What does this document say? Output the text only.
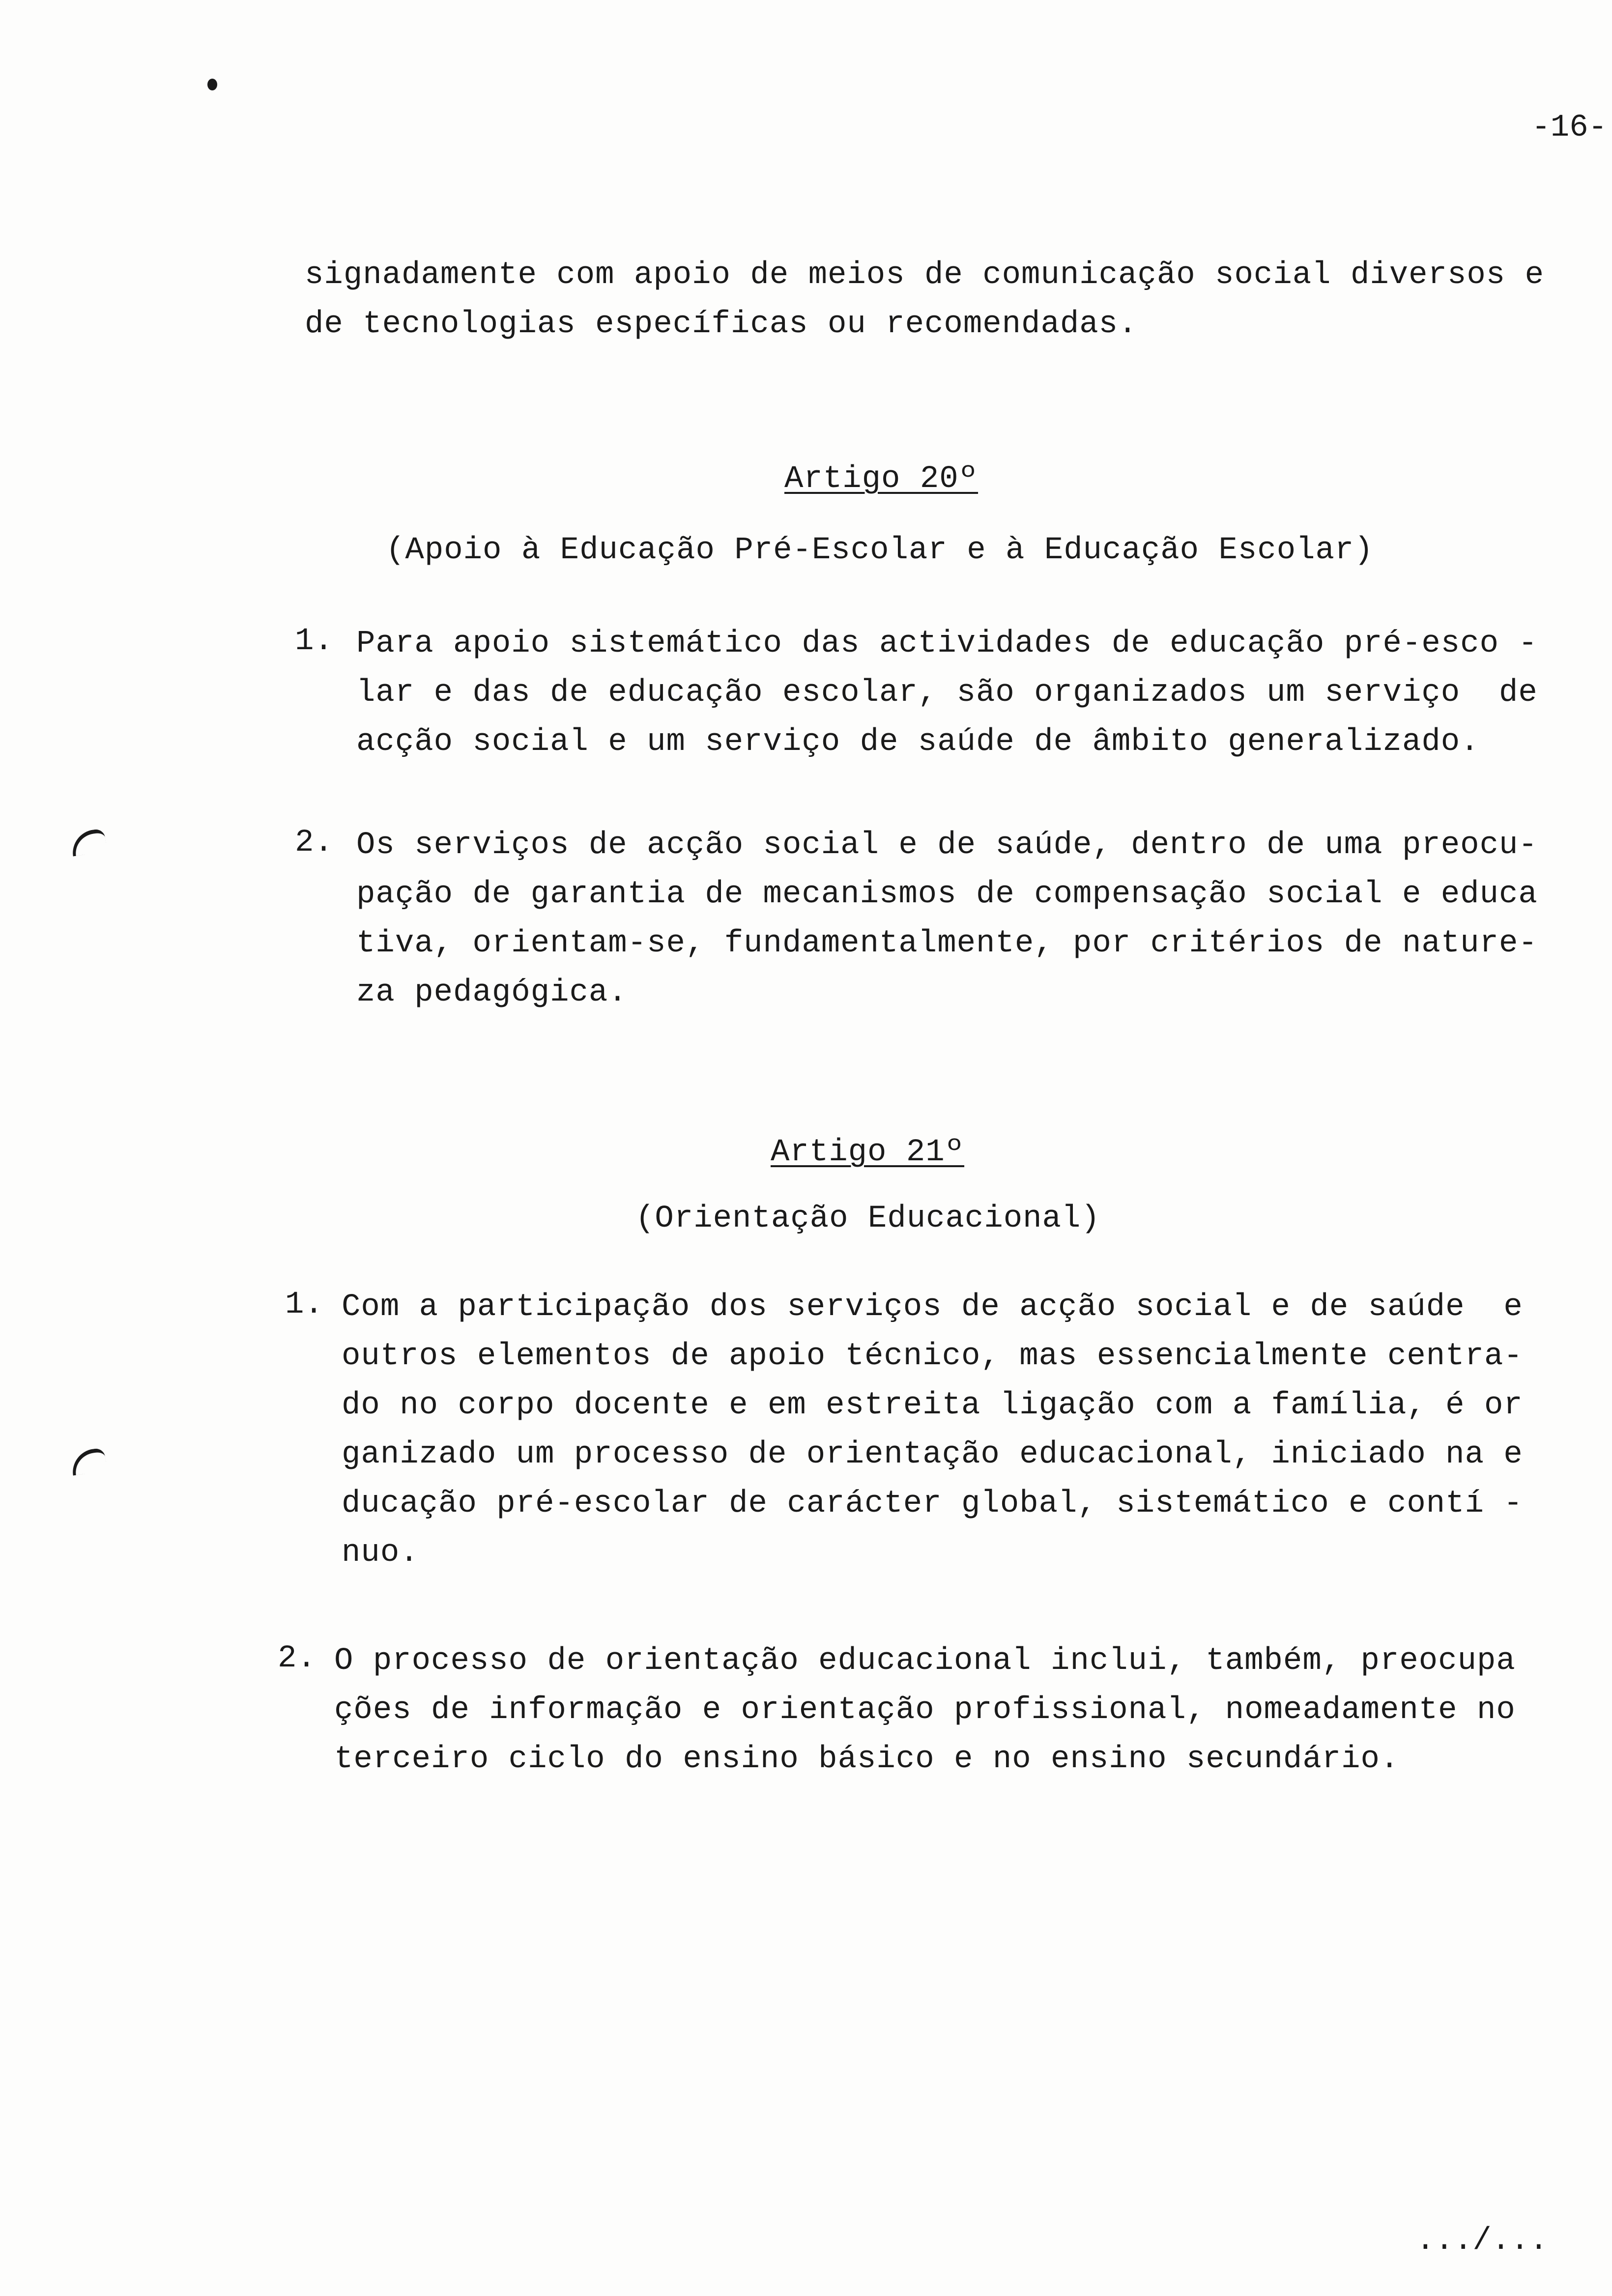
-16-
signadamente com apoio de meios de comunicação social diversos e
de tecnologias específicas ou recomendadas.
Artigo 20º
(Apoio à Educação Pré-Escolar e à Educação Escolar)
1. Para apoio sistemático das actividades de educação pré-esco -
lar e das de educação escolar, são organizados um serviço  de
acção social e um serviço de saúde de âmbito generalizado.
2. Os serviços de acção social e de saúde, dentro de uma preocu-
pação de garantia de mecanismos de compensação social e educa
tiva, orientam-se, fundamentalmente, por critérios de nature-
za pedagógica.
Artigo 21º
(Orientação Educacional)
1. Com a participação dos serviços de acção social e de saúde  e
outros elementos de apoio técnico, mas essencialmente centra-
do no corpo docente e em estreita ligação com a família, é or
ganizado um processo de orientação educacional, iniciado na e
ducação pré-escolar de carácter global, sistemático e contí -
nuo.
2. O processo de orientação educacional inclui, também, preocupa
ções de informação e orientação profissional, nomeadamente no
terceiro ciclo do ensino básico e no ensino secundário.
.../...
